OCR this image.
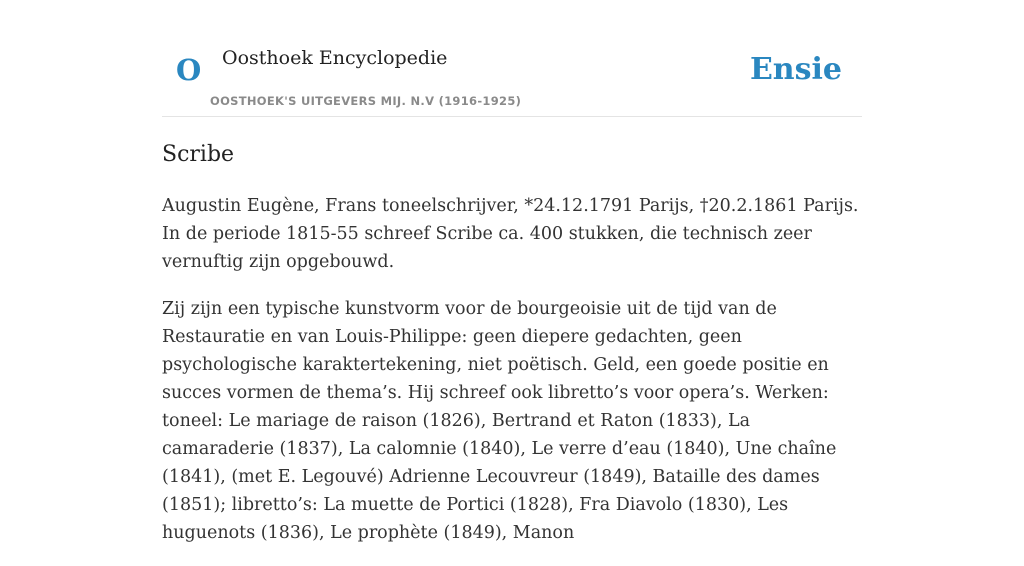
O Oosthoek Encyclopedie
OOSTHOEK'S UITGEVERS MIJ. N.V (1916-1925)
Ensie
Scribe

Augustin Eugène, Frans toneelschrijver, *24.12.1791 Parijs, †20.2.1861 Parijs. In de periode 1815-55 schreef Scribe ca. 400 stukken, die technisch zeer vernuftig zijn opgebouwd.

Zij zijn een typische kunstvorm voor de bourgeoisie uit de tijd van de Restauratie en van Louis-Philippe: geen diepere gedachten, geen psychologische karaktertekening, niet poëtisch. Geld, een goede positie en succes vormen de thema’s. Hij schreef ook libretto’s voor opera’s. Werken: toneel: Le mariage de raison (1826), Bertrand et Raton (1833), La camaraderie (1837), La calomnie (1840), Le verre d’eau (1840), Une chaîne (1841), (met E. Legouvé) Adrienne Lecouvreur (1849), Bataille des dames (1851); libretto’s: La muette de Portici (1828), Fra Diavolo (1830), Les huguenots (1836), Le prophète (1849), Manon
